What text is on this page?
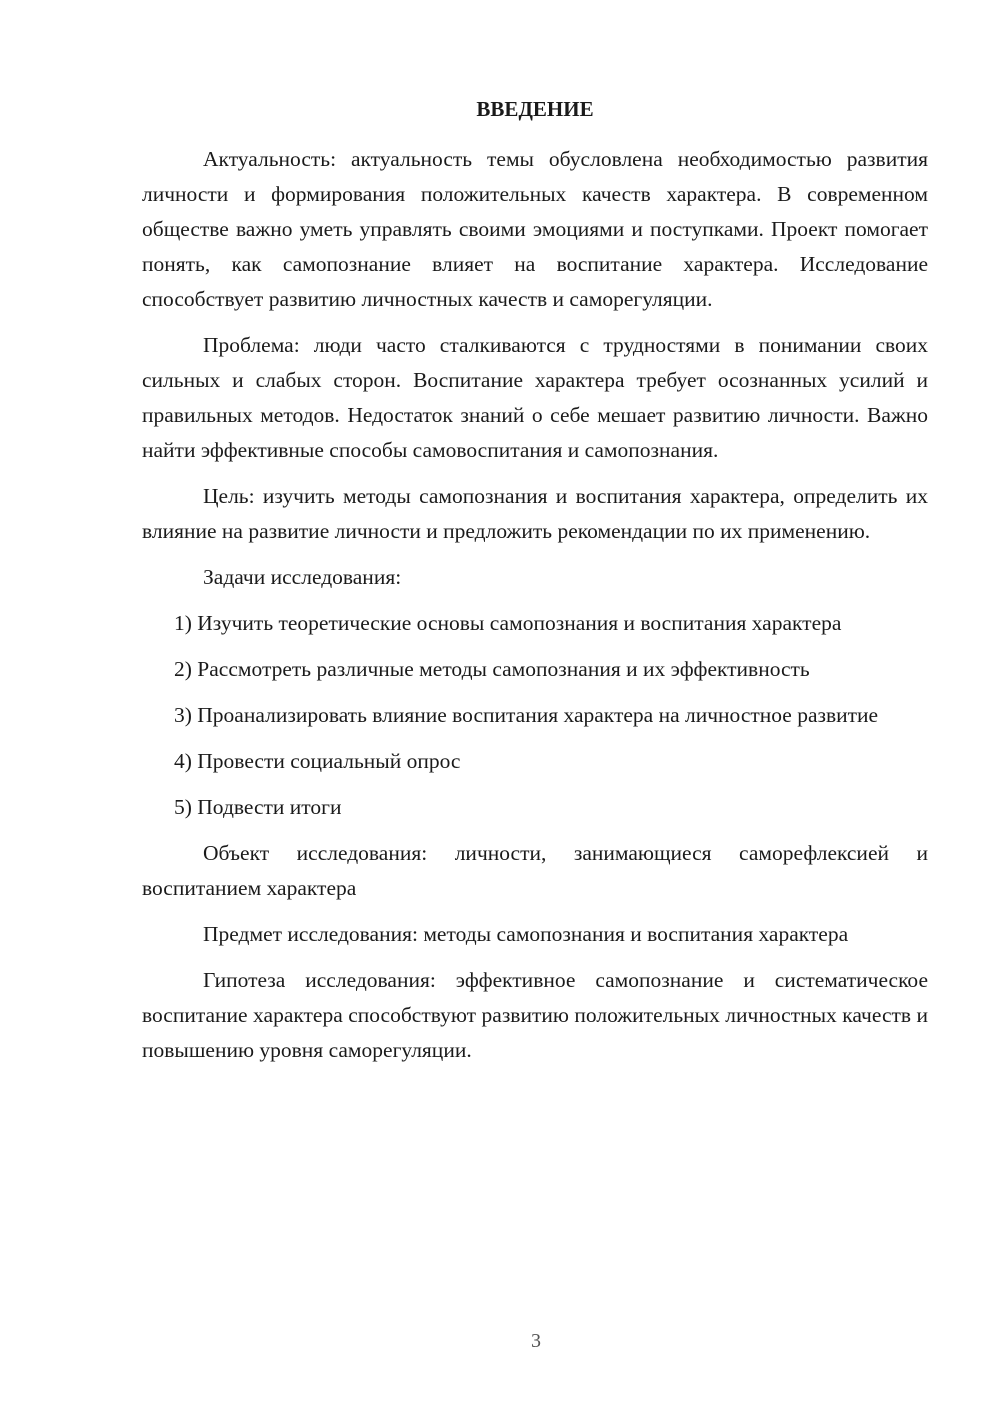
ВВЕДЕНИЕ

Актуальность: актуальность темы обусловлена необходимостью развития личности и формирования положительных качеств характера. В современном обществе важно уметь управлять своими эмоциями и поступками. Проект помогает понять, как самопознание влияет на воспитание характера. Исследование способствует развитию личностных качеств и саморегуляции.

Проблема: люди часто сталкиваются с трудностями в понимании своих сильных и слабых сторон. Воспитание характера требует осознанных усилий и правильных методов. Недостаток знаний о себе мешает развитию личности. Важно найти эффективные способы самовоспитания и самопознания.

Цель: изучить методы самопознания и воспитания характера, определить их влияние на развитие личности и предложить рекомендации по их применению.

Задачи исследования:

1) Изучить теоретические основы самопознания и воспитания характера

2) Рассмотреть различные методы самопознания и их эффективность

3) Проанализировать влияние воспитания характера на личностное развитие

4) Провести социальный опрос

5) Подвести итоги

Объект исследования: личности, занимающиеся саморефлексией и воспитанием характера

Предмет исследования: методы самопознания и воспитания характера

Гипотеза исследования: эффективное самопознание и систематическое воспитание характера способствуют развитию положительных личностных качеств и повышению уровня саморегуляции.

3
